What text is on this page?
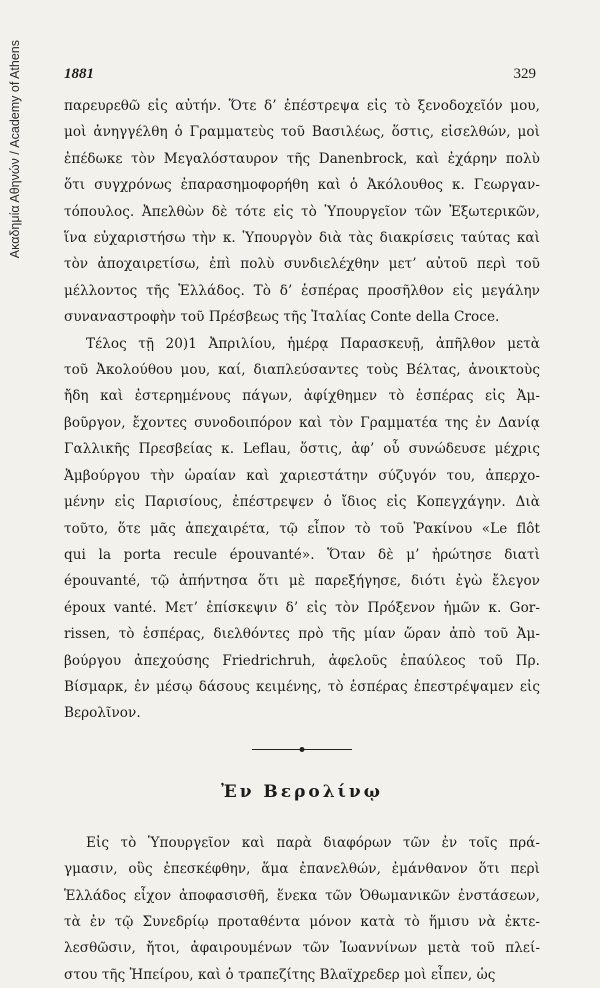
Ακαδημία Αθηνών / Academy of Athens	1881	329
παρευρεθῶ εἰς αὐτήν. Ὅτε δ’ ἐπέστρεψα εἰς τὸ ξενοδοχεῖόν μου,
μοὶ ἀνηγγέλθη ὁ Γραμματεὺς τοῦ Βασιλέως, ὅστις, εἰσελθών, μοὶ
ἐπέδωκε τὸν Μεγαλόσταυρον τῆς Danenbrock, καὶ ἐχάρην πολὺ
ὅτι συγχρόνως ἐπαρασημοφορήθη καὶ ὁ Ἀκόλουθος κ. Γεωργαν-
τόπουλος. Ἀπελθὼν δὲ τότε εἰς τὸ Ὑπουργεῖον τῶν Ἐξωτερικῶν,
ἵνα εὐχαριστήσω τὴν κ. Ὑπουργὸν διὰ τὰς διακρίσεις ταύτας καὶ
τὸν ἀποχαιρετίσω, ἐπὶ πολὺ συνδιελέχθην μετ’ αὐτοῦ περὶ τοῦ
μέλλοντος τῆς Ἑλλάδος. Τὸ δ’ ἑσπέρας προσῆλθον εἰς μεγάλην
συναναστροφὴν τοῦ Πρέσβεως τῆς Ἰταλίας Conte della Croce.
Τέλος τῇ 20)1 Ἀπριλίου, ἡμέρᾳ Παρασκευῇ, ἀπῆλθον μετὰ
τοῦ Ἀκολούθου μου, καί, διαπλεύσαντες τοὺς Βέλτας, ἀνοικτοὺς
ἤδη καὶ ἐστερημένους πάγων, ἀφίχθημεν τὸ ἑσπέρας εἰς Ἀμ-
βοῦργον, ἔχοντες συνοδοιπόρον καὶ τὸν Γραμματέα της ἐν Δανίᾳ
Γαλλικῆς Πρεσβείας κ. Leflau, ὅστις, ἀφ’ οὗ συνώδευσε μέχρις
Ἀμβούργου τὴν ὡραίαν καὶ χαριεστάτην σύζυγόν του, ἀπερχο-
μένην εἰς Παρισίους, ἐπέστρεψεν ὁ ἴδιος εἰς Κοπεγχάγην. Διὰ
τοῦτο, ὅτε μᾶς ἀπεχαιρέτα, τῷ εἶπον τὸ τοῦ Ῥακίνου «Le flôt
qui la porta recule épouvanté». Ὅταν δὲ μ’ ἠρώτησε διατὶ
épouvanté, τῷ ἀπήντησα ὅτι μὲ παρεξήγησε, διότι ἐγὼ ἔλεγον
époux vanté. Μετ’ ἐπίσκεψιν δ’ εἰς τὸν Πρόξενον ἡμῶν κ. Gor-
rissen, τὸ ἑσπέρας, διελθόντες πρὸ τῆς μίαν ὥραν ἀπὸ τοῦ Ἀμ-
βούργου ἀπεχούσης Friedrichruh, ἀφελοῦς ἐπαύλεος τοῦ Πρ.
Βίσμαρκ, ἐν μέσῳ δάσους κειμένης, τὸ ἑσπέρας ἐπεστρέψαμεν εἰς
Βερολῖνον.
Ἐν Βερολίνῳ
Εἰς τὸ Ὑπουργεῖον καὶ παρὰ διαφόρων τῶν ἐν τοῖς πρά-
γμασιν, οὓς ἐπεσκέφθην, ἅμα ἐπανελθών, ἐμάνθανον ὅτι περὶ
Ἑλλάδος εἶχον ἀποφασισθῆ, ἕνεκα τῶν Ὀθωμανικῶν ἐνστάσεων,
τὰ ἐν τῷ Συνεδρίῳ προταθέντα μόνον κατὰ τὸ ἥμισυ νὰ ἐκτε-
λεσθῶσιν, ἤτοι, ἀφαιρουμένων τῶν Ἰωαννίνων μετὰ τοῦ πλεί-
στου τῆς Ἠπείρου, καὶ ὁ τραπεζίτης Βλαϊχρεδερ μοὶ εἶπεν, ὡς
